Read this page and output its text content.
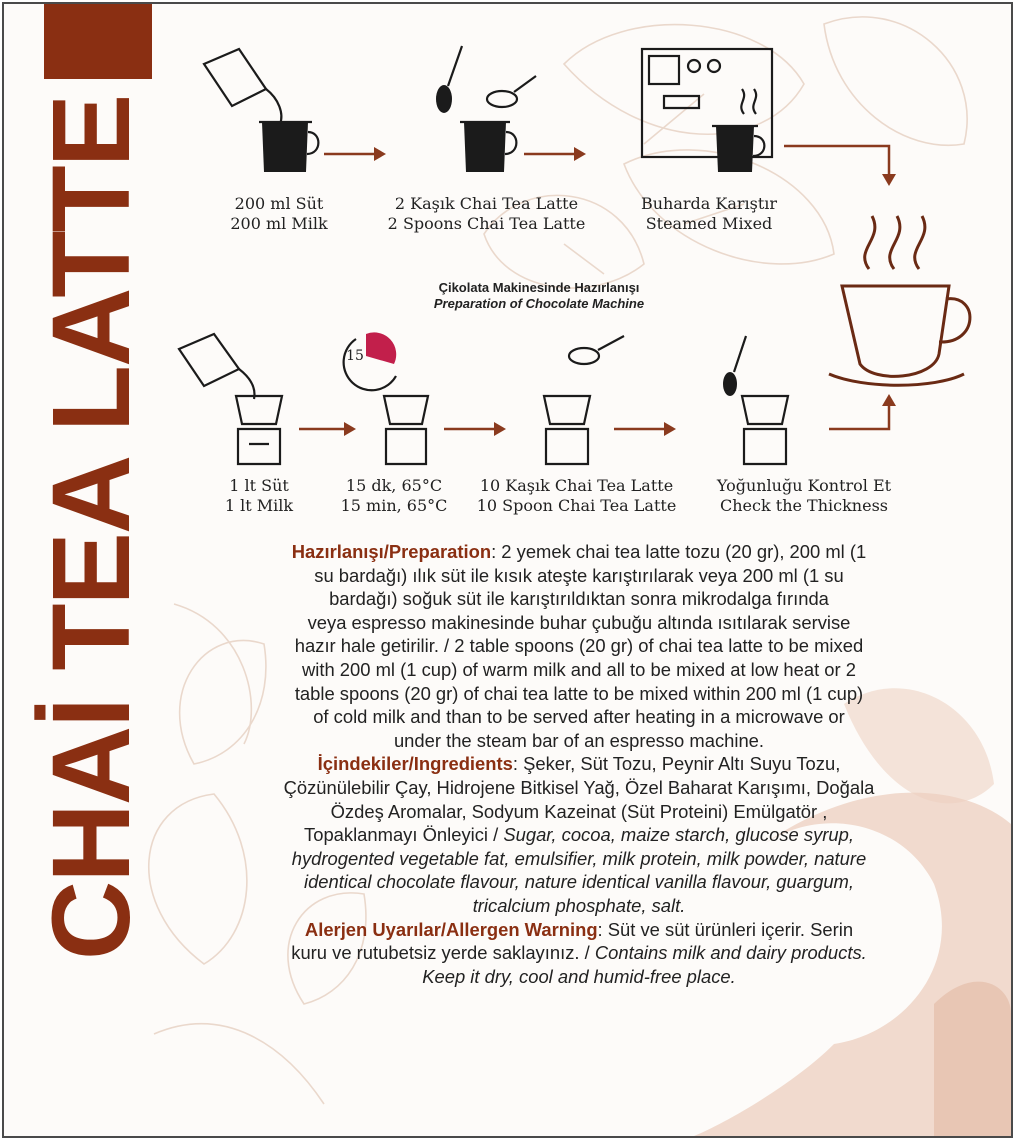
CHAİ TEA LATTE	200 ml Süt
200 ml Milk
2 Kaşık Chai Tea Latte
2 Spoons Chai Tea Latte
Buharda Karıştır
Steamed Mixed
Çikolata Makinesinde Hazırlanışı
Preparation of Chocolate Machine
15
1 lt Süt
1 lt Milk
15 dk, 65°C
15 min, 65°C
10 Kaşık Chai Tea Latte
10 Spoon Chai Tea Latte
Yoğunluğu Kontrol Et
Check the Thickness

Hazırlanışı/Preparation: 2 yemek chai tea latte tozu (20 gr), 200 ml (1
su bardağı) ılık süt ile kısık ateşte karıştırılarak veya 200 ml (1 su
bardağı) soğuk süt ile karıştırıldıktan sonra mikrodalga fırında
veya espresso makinesinde buhar çubuğu altında ısıtılarak servise
hazır hale getirilir. / 2 table spoons (20 gr) of chai tea latte to be mixed
with 200 ml (1 cup) of warm milk and all to be mixed at low heat or 2
table spoons (20 gr) of chai tea latte to be mixed within 200 ml (1 cup)
of cold milk and than to be served after heating in a microwave or
under the steam bar of an espresso machine.

İçindekiler/Ingredients: Şeker, Süt Tozu, Peynir Altı Suyu Tozu,
Çözünülebilir Çay, Hidrojene Bitkisel Yağ, Özel Baharat Karışımı, Doğala
Özdeş Aromalar, Sodyum Kazeinat (Süt Proteini) Emülgatör ,
Topaklanmayı Önleyici / Sugar, cocoa, maize starch, glucose syrup,
hydrogented vegetable fat, emulsifier, milk protein, milk powder, nature
identical chocolate flavour, nature identical vanilla flavour, guargum,
tricalcium phosphate, salt.

Alerjen Uyarılar/Allergen Warning: Süt ve süt ürünleri içerir. Serin
kuru ve rutubetsiz yerde saklayınız. / Contains milk and dairy products.
Keep it dry, cool and humid-free place.
